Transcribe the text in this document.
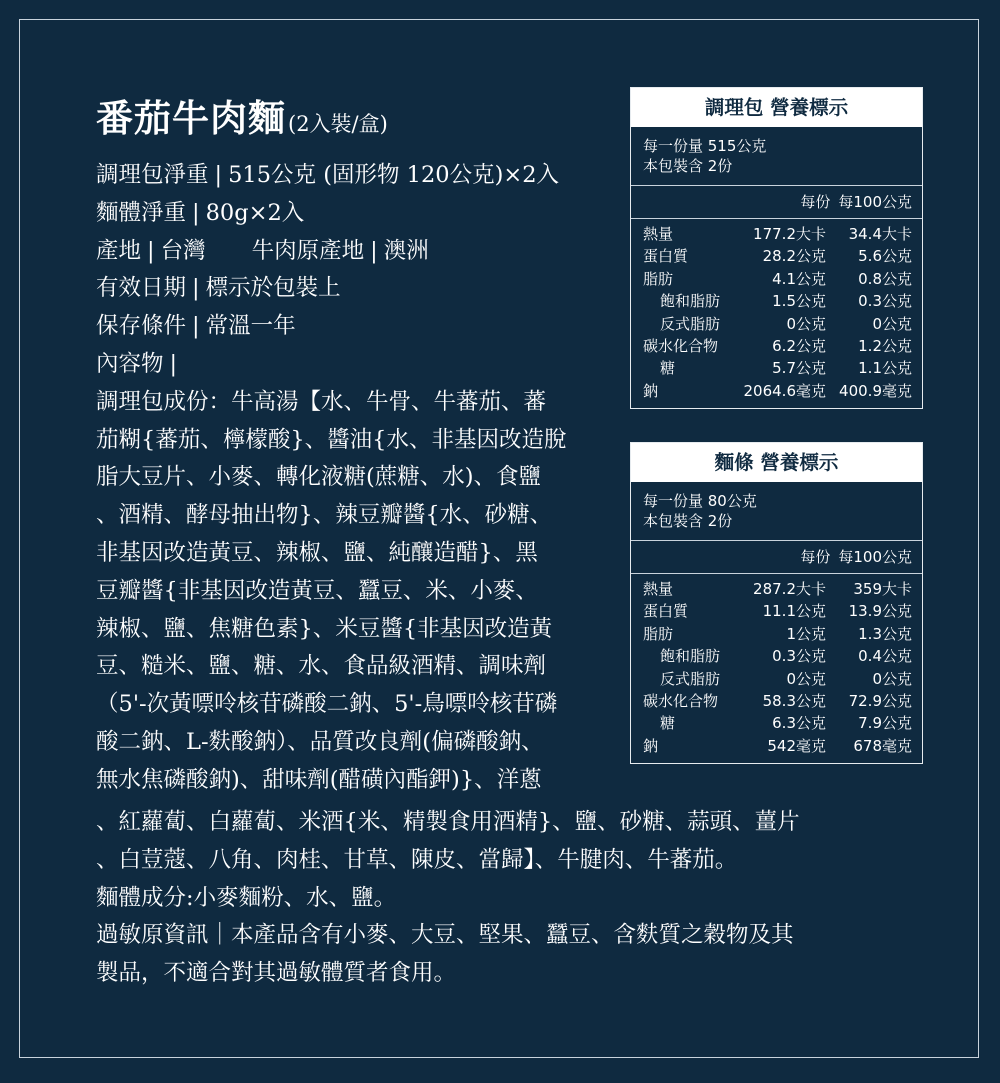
番茄牛肉麵(2入裝/盒)
調理包淨重 | 515公克 (固形物 120公克)×2入
麵體淨重 | 80g×2入
產地 | 台灣 牛肉原產地 | 澳洲
有效日期 | 標示於包裝上
保存條件 | 常溫一年
內容物 |
調理包成份：牛高湯【水、牛骨、牛蕃茄、蕃
茄糊{蕃茄、檸檬酸}、醬油{水、非基因改造脫
脂大豆片、小麥、轉化液糖(蔗糖、水)、食鹽
、酒精、酵母抽出物}、辣豆瓣醬{水、砂糖、
非基因改造黃豆、辣椒、鹽、純釀造醋}、黑
豆瓣醬{非基因改造黃豆、蠶豆、米、小麥、
辣椒、鹽、焦糖色素}、米豆醬{非基因改造黃
豆、糙米、鹽、糖、水、食品級酒精、調味劑
（5'-次黃嘌呤核苷磷酸二鈉、5'-鳥嘌呤核苷磷
酸二鈉、L-麩酸鈉）、品質改良劑(偏磷酸鈉、
無水焦磷酸鈉)、甜味劑(醋磺內酯鉀)}、洋蔥
、紅蘿蔔、白蘿蔔、米酒{米、精製食用酒精}、鹽、砂糖、蒜頭、薑片
、白荳蔻、八角、肉桂、甘草、陳皮、當歸】、牛腱肉、牛蕃茄。
麵體成分:小麥麵粉、水、鹽。
過敏原資訊｜本產品含有小麥、大豆、堅果、蠶豆、含麩質之穀物及其
製品，不適合對其過敏體質者食用。
調理包 營養標示
每一份量 515公克
本包裝含 2份
每份 每100公克
熱量	177.2大卡	34.4大卡
蛋白質	28.2公克	5.6公克
脂肪	4.1公克	0.8公克
飽和脂肪	1.5公克	0.3公克
反式脂肪	0公克	0公克
碳水化合物	6.2公克	1.2公克
糖	5.7公克	1.1公克
鈉	2064.6毫克 400.9毫克
麵條 營養標示
每一份量 80公克
本包裝含 2份
每份 每100公克
熱量	287.2大卡	359大卡
蛋白質	11.1公克	13.9公克
脂肪	1公克	1.3公克
飽和脂肪	0.3公克	0.4公克
反式脂肪	0公克	0公克
碳水化合物	58.3公克	72.9公克
糖	6.3公克	7.9公克
鈉	542毫克	678毫克
